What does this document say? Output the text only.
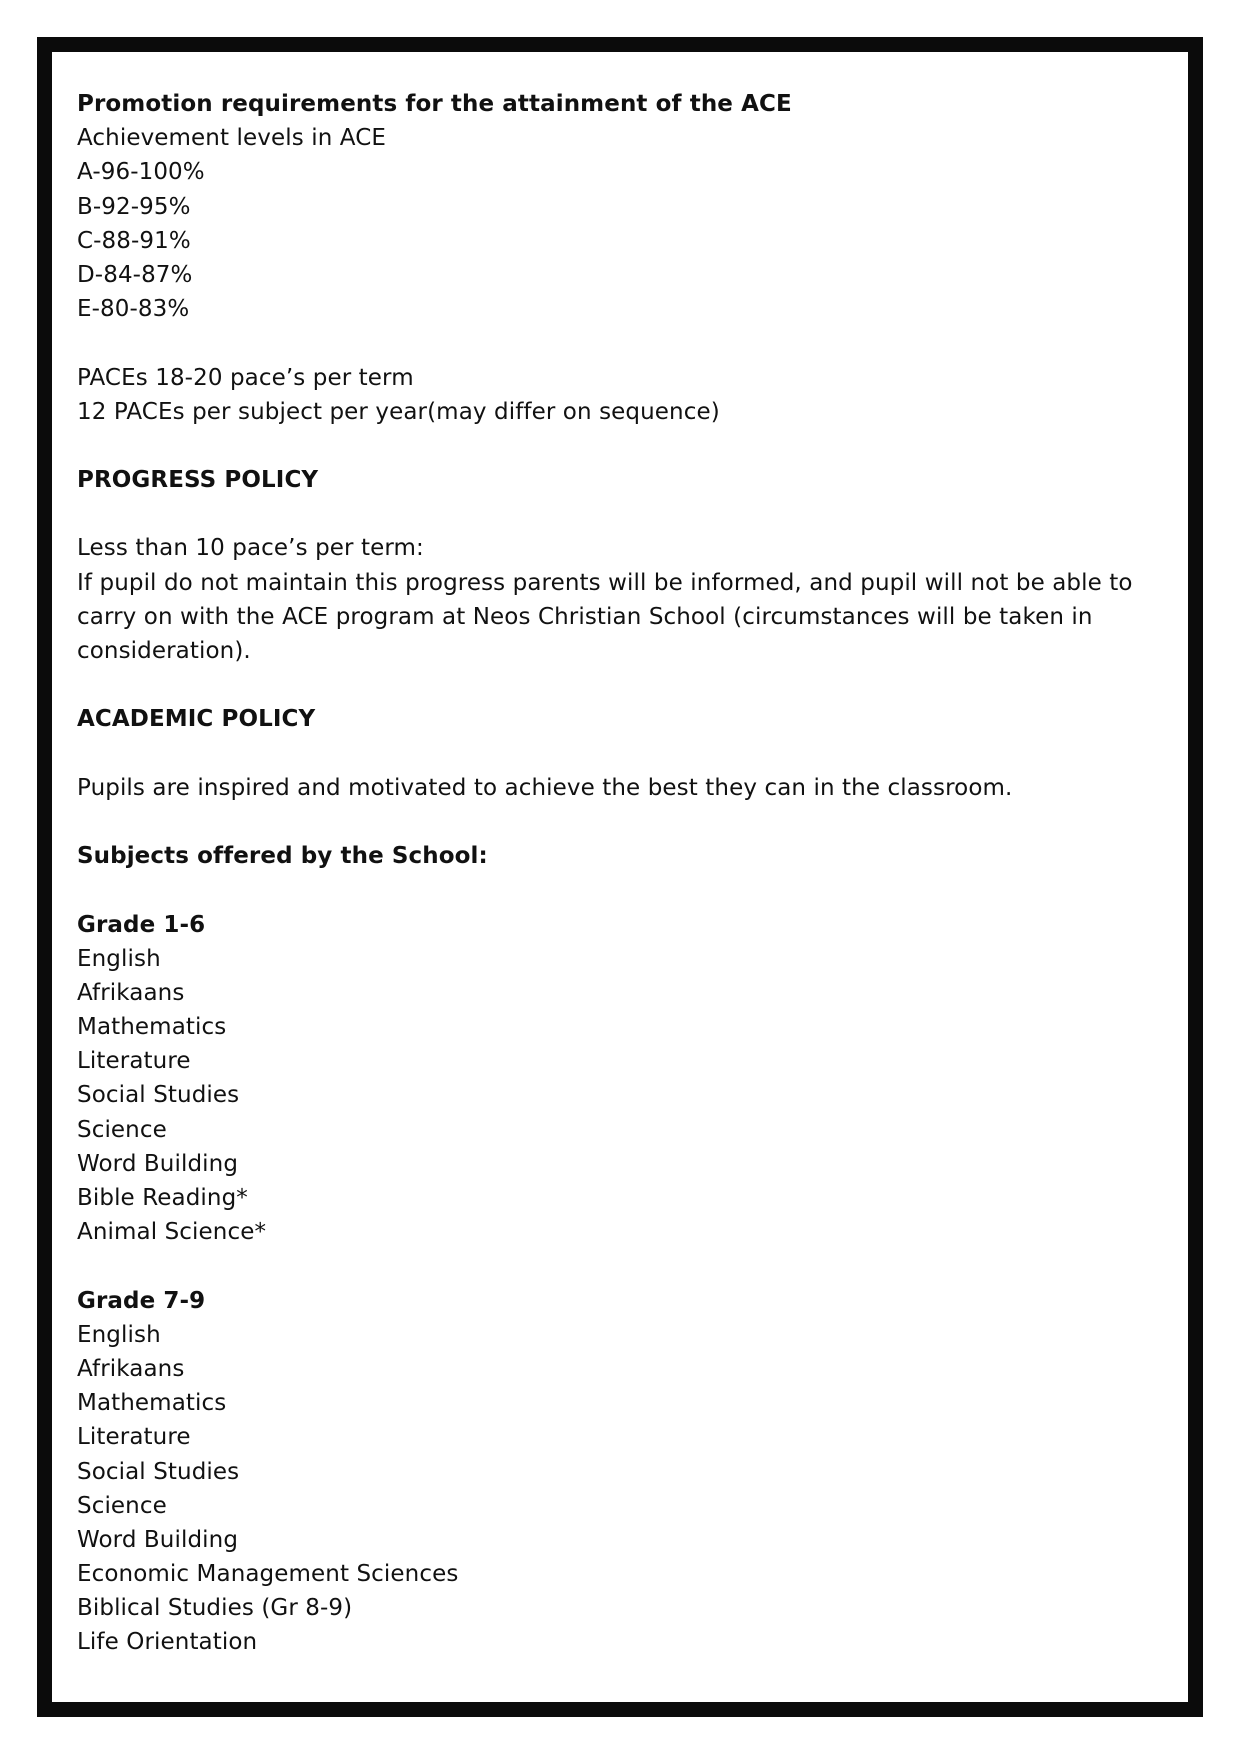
Promotion requirements for the attainment of the ACE
Achievement levels in ACE
A-96-100%
B-92-95%
C-88-91%
D-84-87%
E-80-83%
PACEs 18-20 pace’s per term
12 PACEs per subject per year(may differ on sequence)
PROGRESS POLICY
Less than 10 pace’s per term:
If pupil do not maintain this progress parents will be informed, and pupil will not be able to carry on with the ACE program at Neos Christian School (circumstances will be taken in consideration).
ACADEMIC POLICY
Pupils are inspired and motivated to achieve the best they can in the classroom.
Subjects offered by the School:
Grade 1-6
English
Afrikaans
Mathematics
Literature
Social Studies
Science
Word Building
Bible Reading*
Animal Science*
Grade 7-9
English
Afrikaans
Mathematics
Literature
Social Studies
Science
Word Building
Economic Management Sciences
Biblical Studies (Gr 8-9)
Life Orientation
